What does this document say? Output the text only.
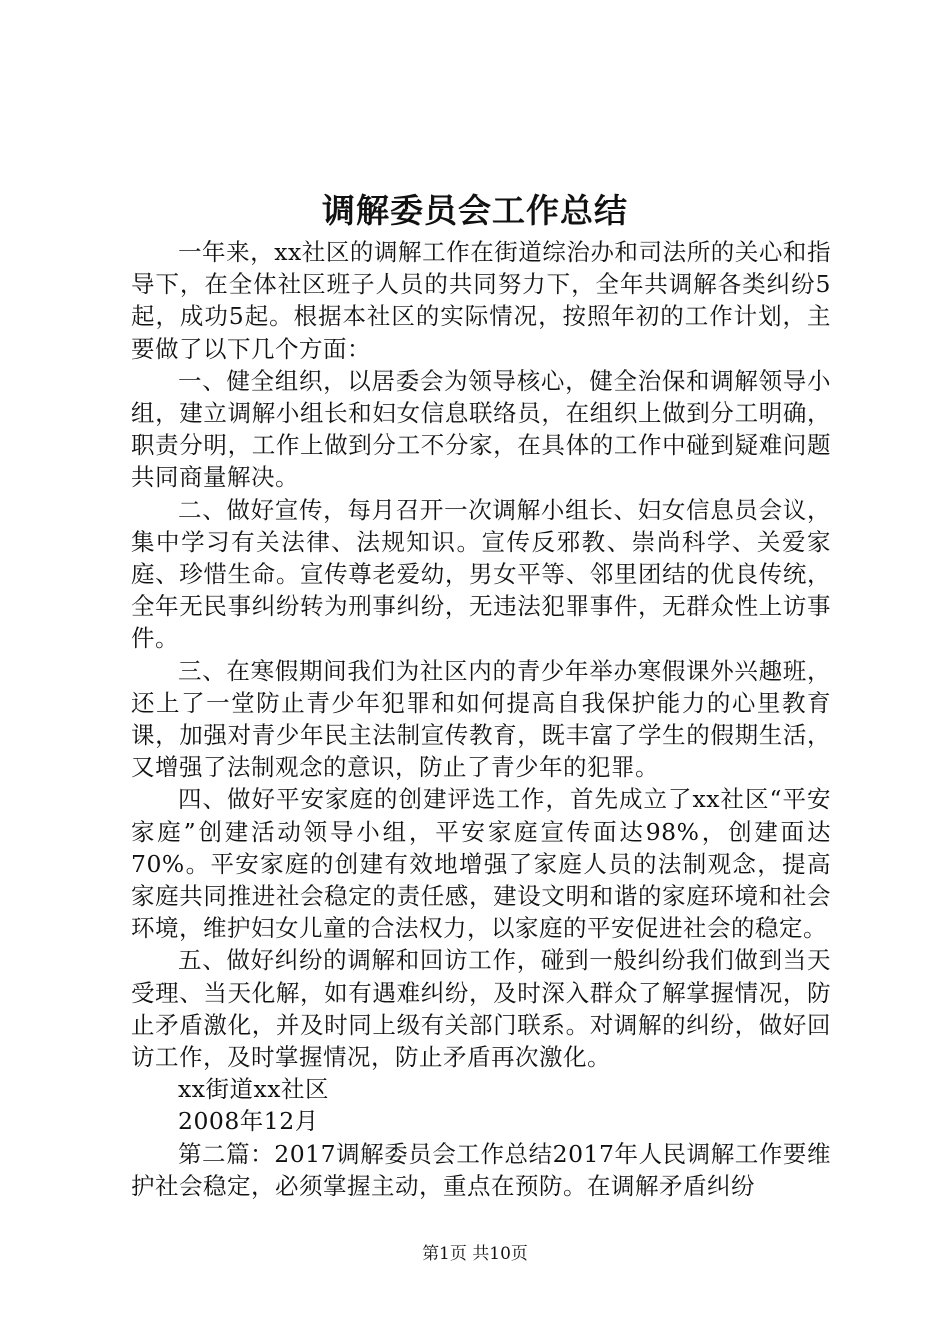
调解委员会工作总结

一年来，xx社区的调解工作在街道综治办和司法所的关心和指导下，在全体社区班子人员的共同努力下，全年共调解各类纠纷5起，成功5起。根据本社区的实际情况，按照年初的工作计划，主要做了以下几个方面：

一、健全组织，以居委会为领导核心，健全治保和调解领导小组，建立调解小组长和妇女信息联络员，在组织上做到分工明确，职责分明，工作上做到分工不分家，在具体的工作中碰到疑难问题共同商量解决。

二、做好宣传，每月召开一次调解小组长、妇女信息员会议，集中学习有关法律、法规知识。宣传反邪教、崇尚科学、关爱家庭、珍惜生命。宣传尊老爱幼，男女平等、邻里团结的优良传统，全年无民事纠纷转为刑事纠纷，无违法犯罪事件，无群众性上访事件。

三、在寒假期间我们为社区内的青少年举办寒假课外兴趣班，还上了一堂防止青少年犯罪和如何提高自我保护能力的心里教育课，加强对青少年民主法制宣传教育，既丰富了学生的假期生活，又增强了法制观念的意识，防止了青少年的犯罪。

四、做好平安家庭的创建评选工作，首先成立了xx社区“平安家庭”创建活动领导小组，平安家庭宣传面达98%，创建面达70%。平安家庭的创建有效地增强了家庭人员的法制观念，提高家庭共同推进社会稳定的责任感，建设文明和谐的家庭环境和社会环境，维护妇女儿童的合法权力，以家庭的平安促进社会的稳定。

五、做好纠纷的调解和回访工作，碰到一般纠纷我们做到当天受理、当天化解，如有遇难纠纷，及时深入群众了解掌握情况，防止矛盾激化，并及时同上级有关部门联系。对调解的纠纷，做好回访工作，及时掌握情况，防止矛盾再次激化。

xx街道xx社区

2008年12月

第二篇：2017调解委员会工作总结2017年人民调解工作要维护社会稳定，必须掌握主动，重点在预防。在调解矛盾纠纷

第1页 共10页
